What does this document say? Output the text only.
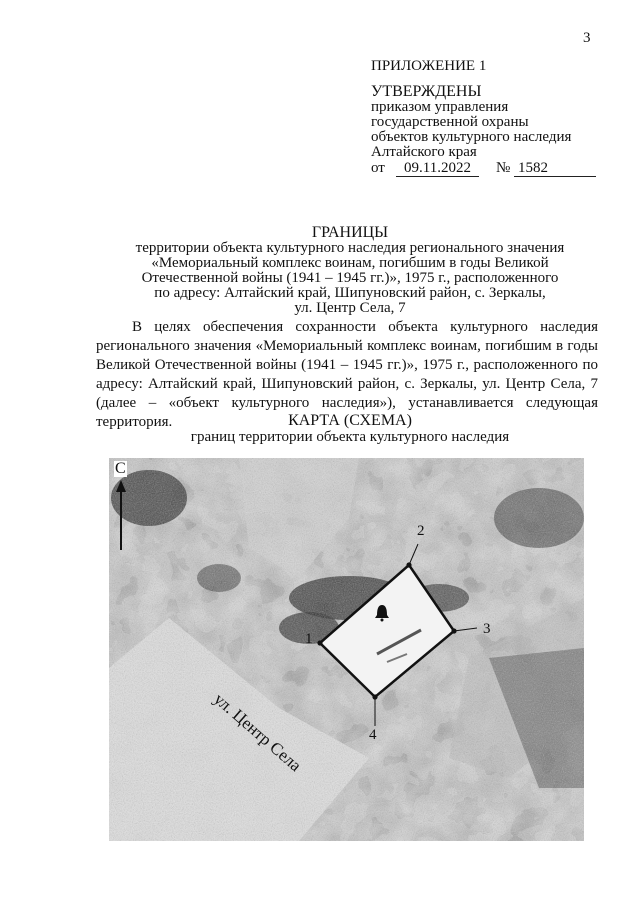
3
ПРИЛОЖЕНИЕ 1
УТВЕРЖДЕНЫ
приказом управления
государственной охраны
объектов культурного наследия
Алтайского края
от	09.11.2022	№ 1582
ГРАНИЦЫ
территории объекта культурного наследия регионального значения
«Мемориальный комплекс воинам, погибшим в годы Великой
Отечественной войны (1941 – 1945 гг.)», 1975 г., расположенного
по адресу: Алтайский край, Шипуновский район, с. Зеркалы,
ул. Центр Села, 7
В целях обеспечения сохранности объекта культурного наследия регионального значения «Мемориальный комплекс воинам, погибшим в годы Великой Отечественной войны (1941 – 1945 гг.)», 1975 г., расположенного по адресу: Алтайский край, Шипуновский район, с. Зеркалы, ул. Центр Села, 7 (далее – «объект культурного наследия»), устанавливается следующая территория.	КАРТА (СХЕМА)
границ территории объекта культурного наследия
С
1
2
3
4
ул. Центр Села
